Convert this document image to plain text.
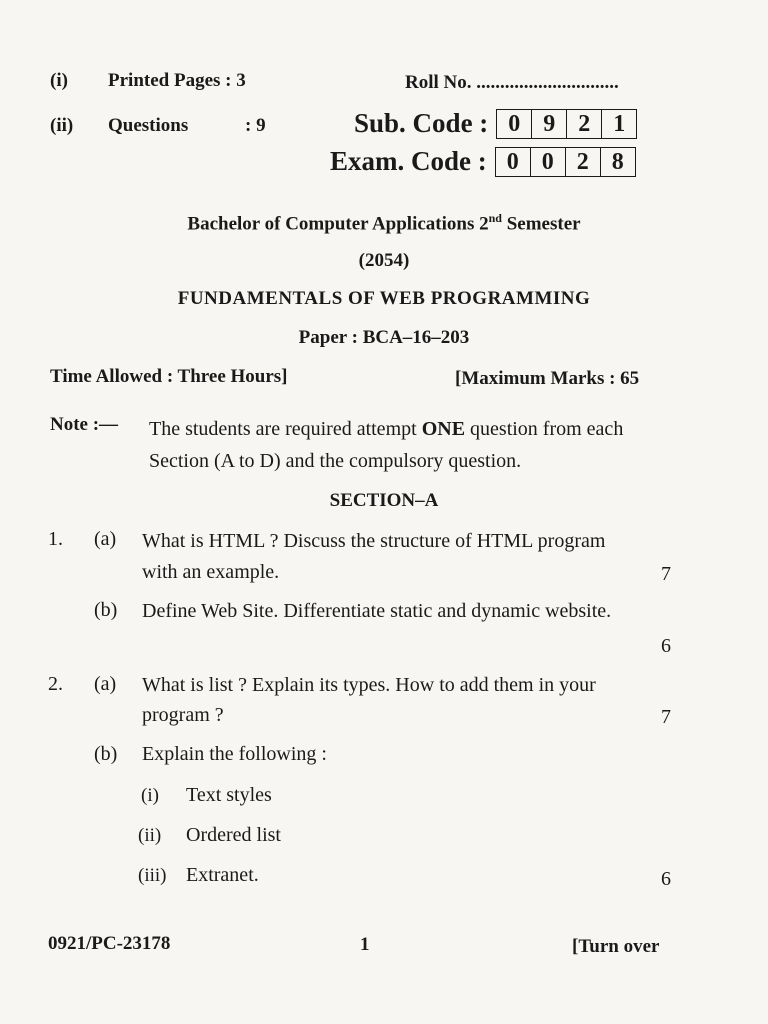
(i) Printed Pages : 3	Roll No. ..............................
(ii) Questions	: 9	Sub. Code : 0 9 2 1
Exam. Code : 0 0 2 8
Bachelor of Computer Applications 2nd Semester
(2054)
FUNDAMENTALS OF WEB PROGRAMMING
Paper : BCA–16–203
Time Allowed : Three Hours]	[Maximum Marks : 65
Note :— The students are required attempt ONE question from each
Section (A to D) and the compulsory question.
SECTION–A
1. (a) What is HTML ? Discuss the structure of HTML program
with an example.	7
(b) Define Web Site. Differentiate static and dynamic website.
6
2. (a) What is list ? Explain its types. How to add them in your
program ?	7
(b) Explain the following :
(i) Text styles
(ii) Ordered list
(iii) Extranet.	6
0921/PC-23178	1	[Turn over
